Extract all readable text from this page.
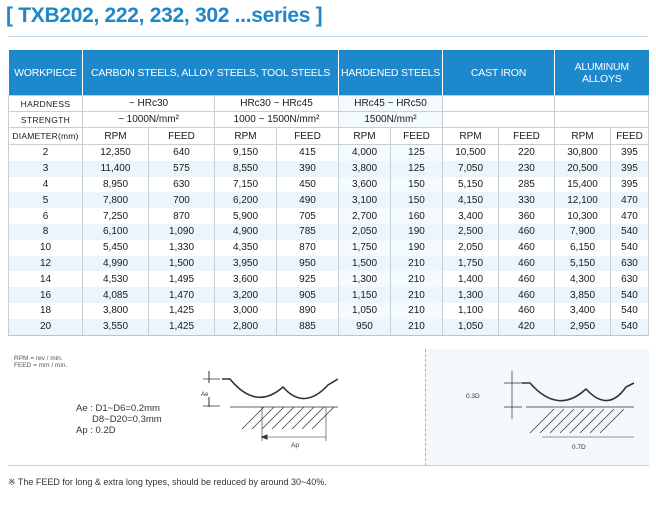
[ TXB202, 222, 232, 302 ...series ]
WORKPIECE	CARBON STEELS, ALLOY STEELS, TOOL STEELS				HARDENED STEELS		CAST IRON		ALUMINUM ALLOYS	
HARDNESS	~ HRc30		HRc30 ~ HRc45		HRc45 ~ HRc50					
STRENGTH	~ 1000N/mm²		1000 ~ 1500N/mm²		1500N/mm²					
DIAMETER(mm)	RPM	FEED	RPM	FEED	RPM	FEED	RPM	FEED	RPM	FEED
2	12,350	640	9,150	415	4,000	125	10,500	220	30,800	395
3	11,400	575	8,550	390	3,800	125	7,050	230	20,500	395
4	8,950	630	7,150	450	3,600	150	5,150	285	15,400	395
5	7,800	700	6,200	490	3,100	150	4,150	330	12,100	470
6	7,250	870	5,900	705	2,700	160	3,400	360	10,300	470
8	6,100	1,090	4,900	785	2,050	190	2,500	460	7,900	540
10	5,450	1,330	4,350	870	1,750	190	2,050	460	6,150	540
12	4,990	1,500	3,950	950	1,500	210	1,750	460	5,150	630
14	4,530	1,495	3,600	925	1,300	210	1,400	460	4,300	630
16	4,085	1,470	3,200	905	1,150	210	1,300	460	3,850	540
18	3,800	1,425	3,000	890	1,050	210	1,100	460	3,400	540
20	3,550	1,425	2,800	885	950	210	1,050	420	2,950	540
RPM = rev / min.
FEED = mm / min.
Ae : D1~D6=0.2mm
D8~D20=0.3mm
Ap : 0.2D
Ae
Ap
0.3D
0.7D
※ The FEED for long & extra long types, should be reduced by around 30~40%.
